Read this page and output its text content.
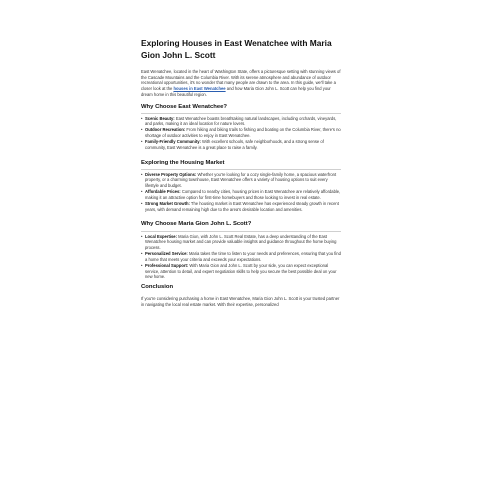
Exploring Houses in East Wenatchee with Maria Gion John L. Scott

East Wenatchee, located in the heart of Washington State, offers a picturesque setting with stunning views of the Cascade Mountains and the Columbia River. With its serene atmosphere and abundance of outdoor recreational opportunities, it's no wonder that many people are drawn to the area. In this guide, we'll take a closer look at the houses in East Wenatchee and how Maria Gion John L. Scott can help you find your dream home in this beautiful region.

Why Choose East Wenatchee?
• Scenic Beauty: East Wenatchee boasts breathtaking natural landscapes, including orchards, vineyards, and parks, making it an ideal location for nature lovers.
• Outdoor Recreation: From hiking and biking trails to fishing and boating on the Columbia River, there's no shortage of outdoor activities to enjoy in East Wenatchee.
• Family-Friendly Community: With excellent schools, safe neighborhoods, and a strong sense of community, East Wenatchee is a great place to raise a family.
Exploring the Housing Market
• Diverse Property Options: Whether you're looking for a cozy single-family home, a spacious waterfront property, or a charming townhouse, East Wenatchee offers a variety of housing options to suit every lifestyle and budget.
• Affordable Prices: Compared to nearby cities, housing prices in East Wenatchee are relatively affordable, making it an attractive option for first-time homebuyers and those looking to invest in real estate.
• Strong Market Growth: The housing market in East Wenatchee has experienced steady growth in recent years, with demand remaining high due to the area's desirable location and amenities.
Why Choose Maria Gion John L. Scott?
• Local Expertise: Maria Gion, with John L. Scott Real Estate, has a deep understanding of the East Wenatchee housing market and can provide valuable insights and guidance throughout the home buying process.
• Personalized Service: Maria takes the time to listen to your needs and preferences, ensuring that you find a home that meets your criteria and exceeds your expectations.
• Professional Support: With Maria Gion and John L. Scott by your side, you can expect exceptional service, attention to detail, and expert negotiation skills to help you secure the best possible deal on your new home.
Conclusion

If you're considering purchasing a home in East Wenatchee, Maria Gion John L. Scott is your trusted partner in navigating the local real estate market. With their expertise, personalized
